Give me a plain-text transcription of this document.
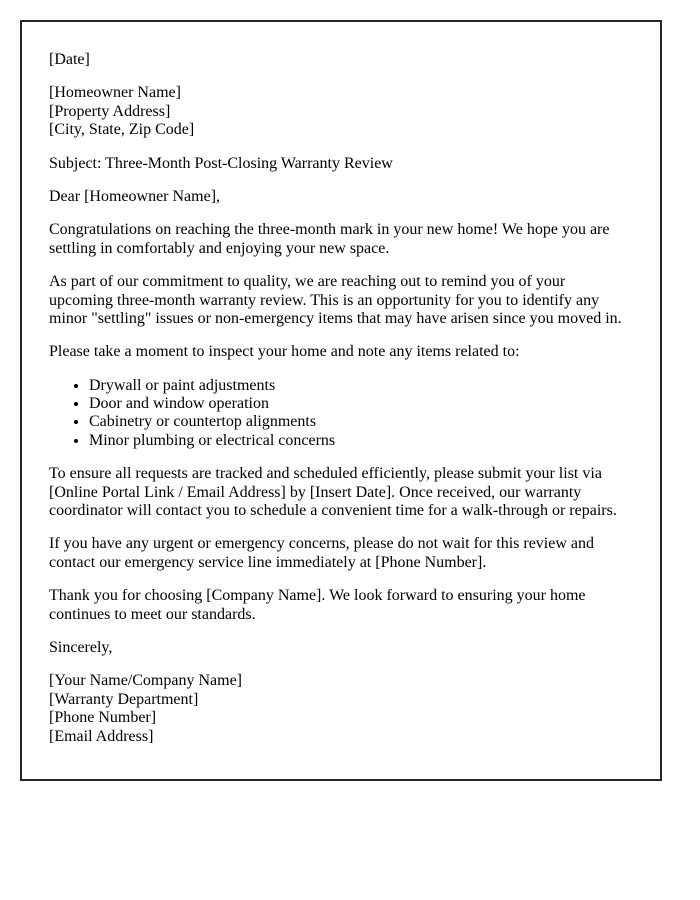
[Date]

[Homeowner Name]
[Property Address]
[City, State, Zip Code]

Subject: Three-Month Post-Closing Warranty Review

Dear [Homeowner Name],

Congratulations on reaching the three-month mark in your new home! We hope you are settling in comfortably and enjoying your new space.

As part of our commitment to quality, we are reaching out to remind you of your upcoming three-month warranty review. This is an opportunity for you to identify any minor "settling" issues or non-emergency items that may have arisen since you moved in.

Please take a moment to inspect your home and note any items related to:

• Drywall or paint adjustments
• Door and window operation
• Cabinetry or countertop alignments
• Minor plumbing or electrical concerns

To ensure all requests are tracked and scheduled efficiently, please submit your list via [Online Portal Link / Email Address] by [Insert Date]. Once received, our warranty coordinator will contact you to schedule a convenient time for a walk-through or repairs.

If you have any urgent or emergency concerns, please do not wait for this review and contact our emergency service line immediately at [Phone Number].

Thank you for choosing [Company Name]. We look forward to ensuring your home continues to meet our standards.

Sincerely,

[Your Name/Company Name]
[Warranty Department]
[Phone Number]
[Email Address]
